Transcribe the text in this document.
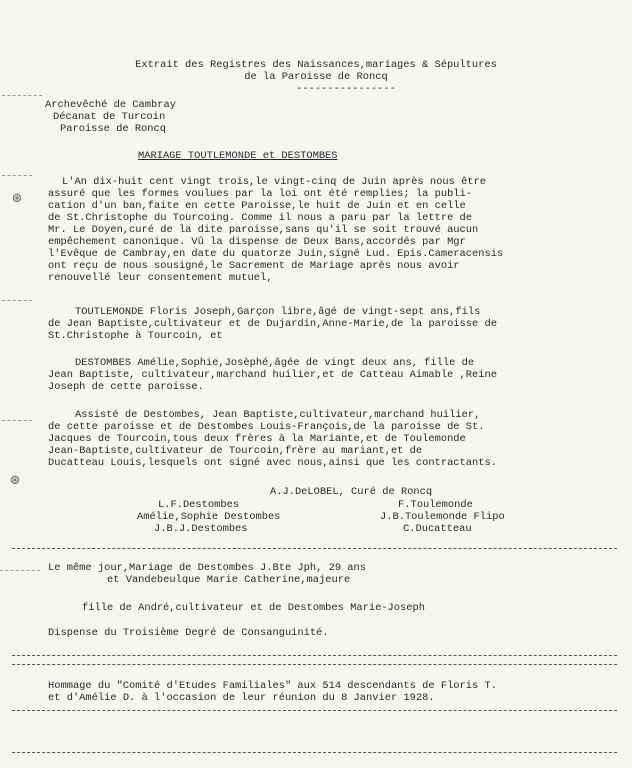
⊛
⊛
Extrait des Registres des Naissances,mariages & Sépultures
de la Paroisse de Roncq
----------------
Archevêché de Cambray
Décanat de Turcoin
Paroisse de Roncq
MARIAGE TOUTLEMONDE et DESTOMBES
L'An dix-huit cent vingt trois,le vingt-cinq de Juin après nous être
assuré que les formes voulues par la loi ont été remplies; la publi-
cation d'un ban,faite en cette Paroisse,le huit de Juin et en celle
de St.Christophe du Tourcoing. Comme il nous a paru par la lettre de
Mr. Le Doyen,curé de la dite paroisse,sans qu'il se soit trouvé aucun
empêchement canonique. Vû la dispense de Deux Bans,accordés par Mgr
l'Evêque de Cambray,en date du quatorze Juin,signé Lud. Epis.Cameracensis
ont reçu de nous sousigné,le Sacrement de Mariage après nous avoir
renouvellé leur consentement mutuel,
TOUTLEMONDE Floris Joseph,Garçon libre,âgé de vingt-sept ans,fils
de Jean Baptiste,cultivateur et de Dujardin,Anne-Marie,de la paroisse de
St.Christophe à Tourcoin, et
DESTOMBES Amélie,Sophie,Josèphé,âgée de vingt deux ans, fille de
Jean Baptiste, cultivateur,marchand huilier,et de Catteau Aimable ,Reine
Joseph de cette paroisse.
Assisté de Destombes, Jean Baptiste,cultivateur,marchand huilier,
de cette paroisse et de Destombes Louis-François,de la paroisse de St.
Jacques de Tourcoin,tous deux frères à la Mariante,et de Toulemonde
Jean-Baptiste,cultivateur de Tourcoin,frère au mariant,et de
Ducatteau Louis,lesquels ont signé avec nous,ainsi que les contractants.
A.J.DeLOBEL, Curé de Roncq
L.F.Destombes
Amélie,Sophie Destombes
J.B.J.Destombes
F.Toulemonde
J.B.Toulemonde Flipo
C.Ducatteau
Le même jour,Mariage de Destombes J.Bte Jph, 29 ans
et Vandebeulque Marie Catherine,majeure
fille de André,cultivateur et de Destombes Marie-Joseph
Dispense du Troisième Degré de Consanguinité.
Hommage du "Comité d'Etudes Familiales" aux 514 descendants de Floris T.
et d'Amélie D. à l'occasion de leur réunion du 8 Janvier 1928.
